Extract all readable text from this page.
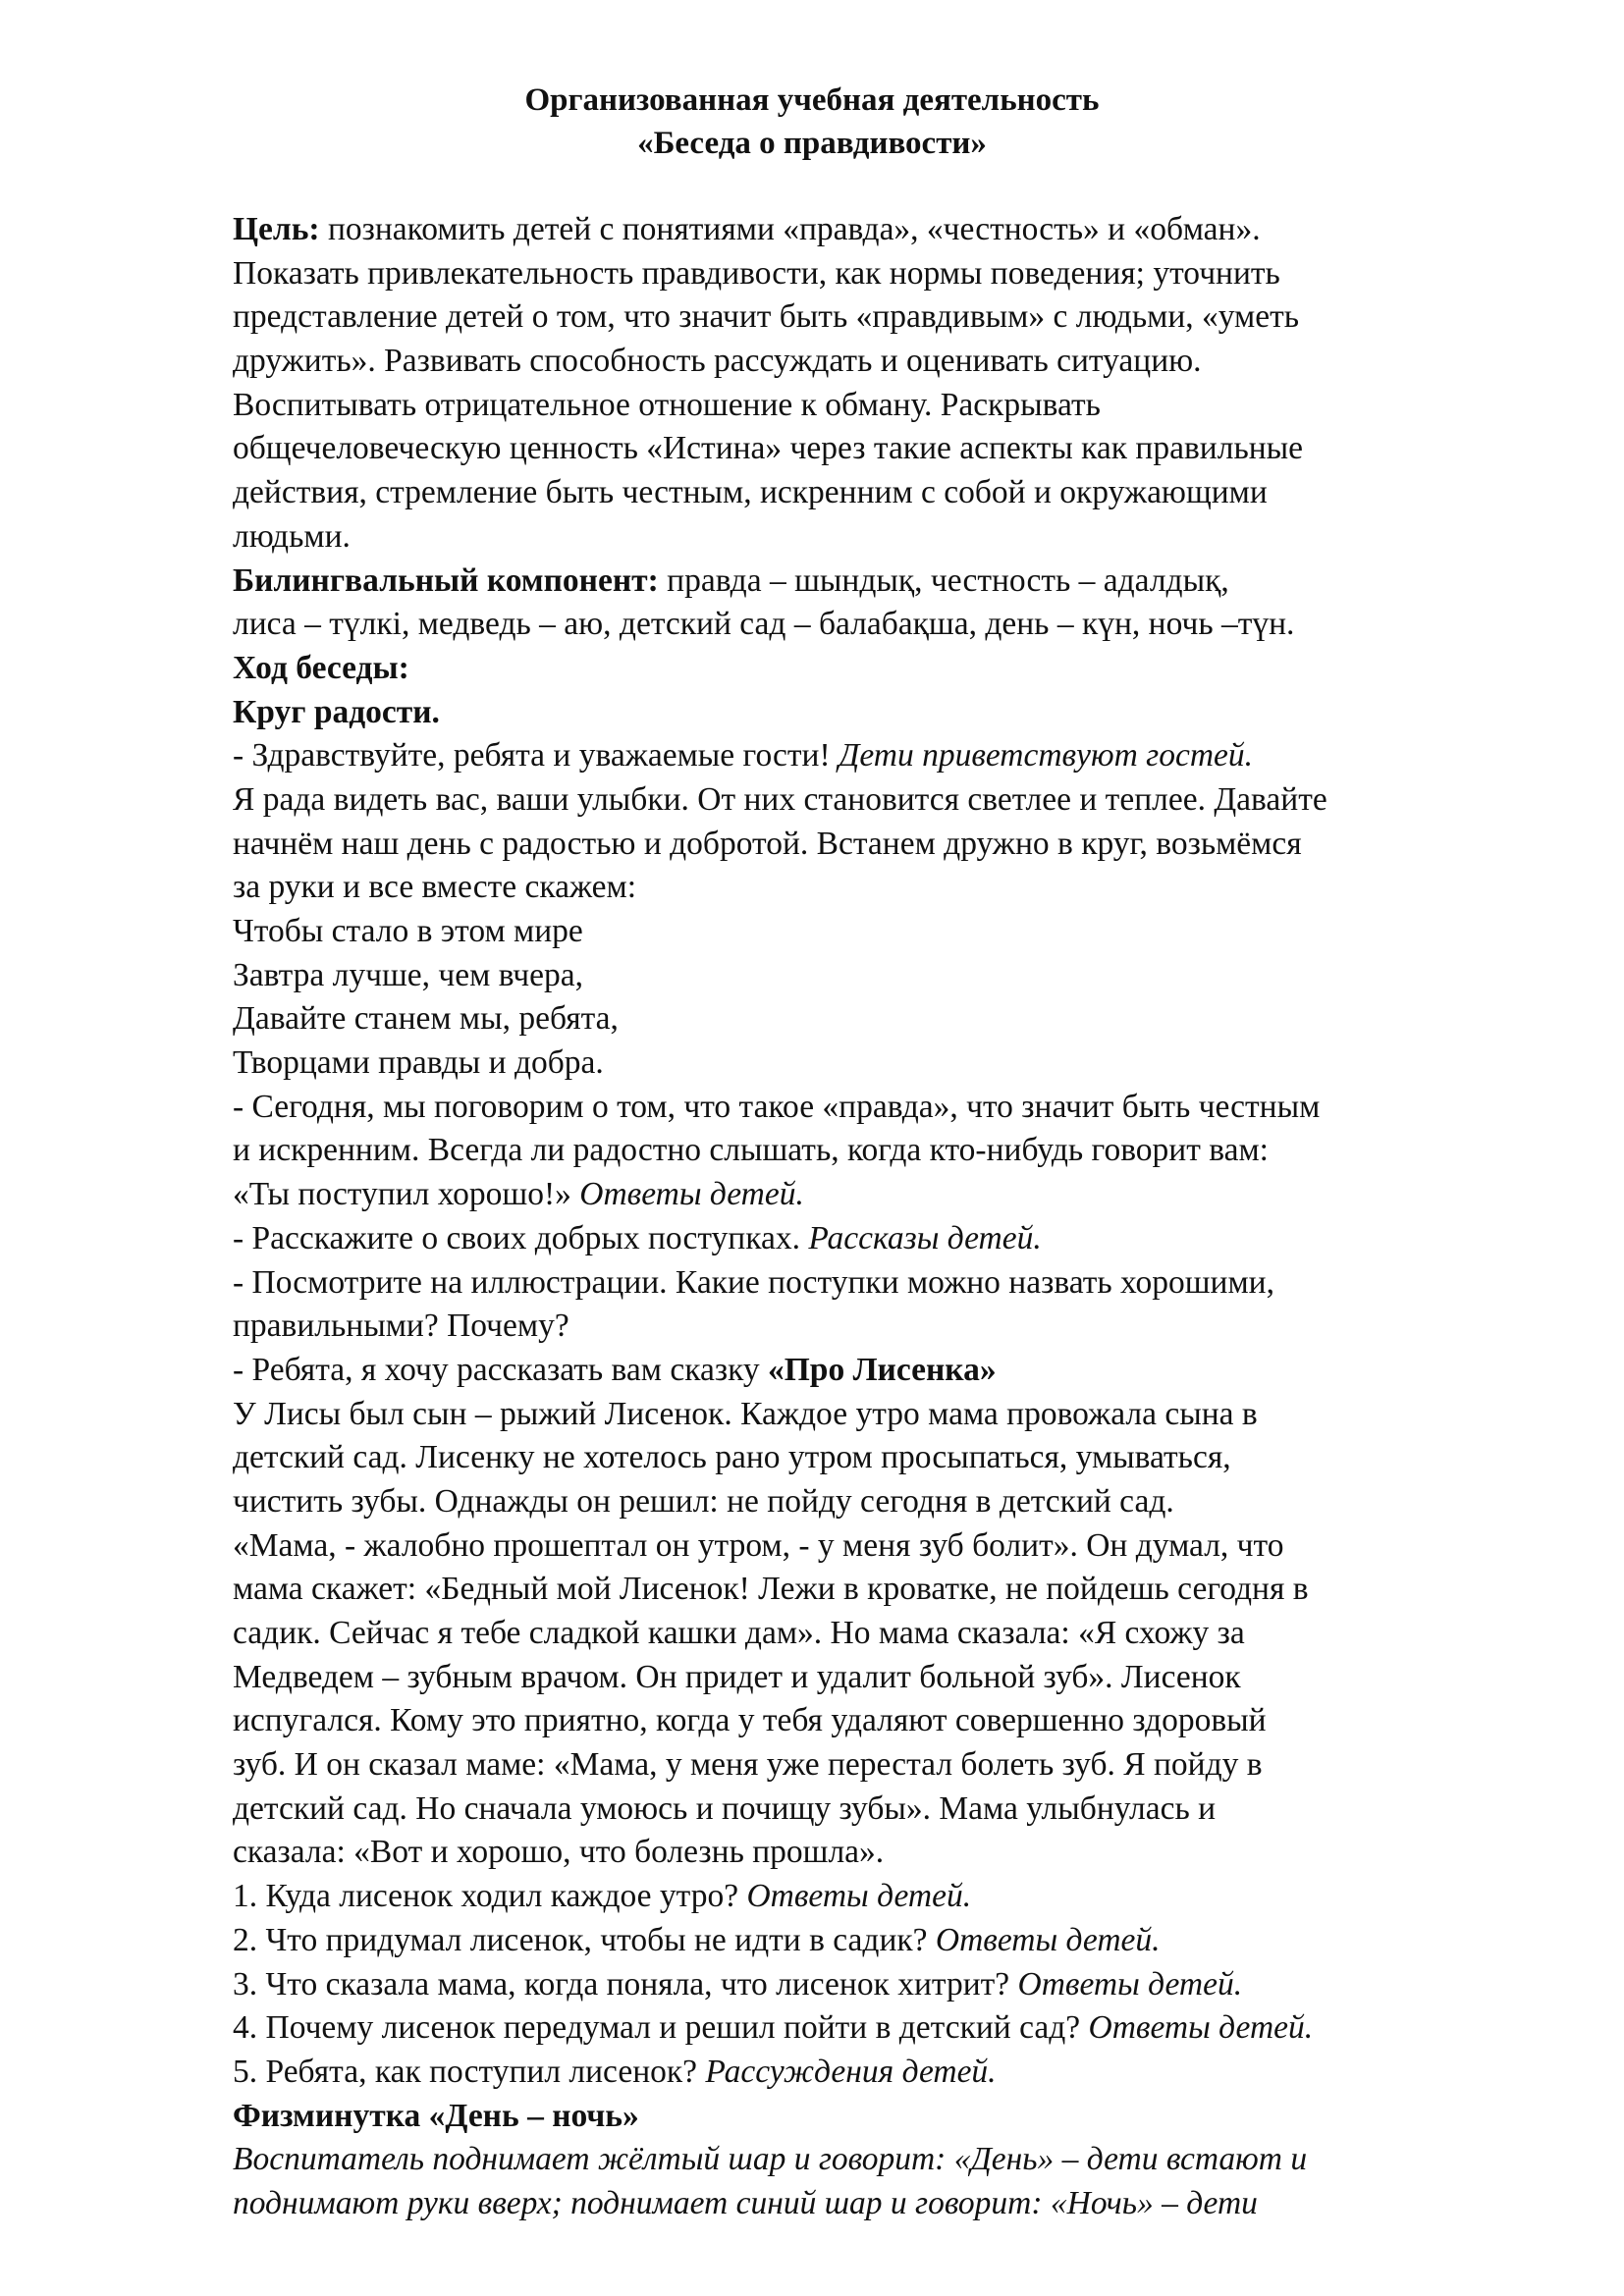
Организованная учебная деятельность
«Беседа о правдивости»
Цель: познакомить детей с понятиями «правда», «честность» и «обман».
Показать привлекательность правдивости, как нормы поведения; уточнить
представление детей о том, что значит быть «правдивым» с людьми, «уметь
дружить». Развивать способность рассуждать и оценивать ситуацию.
Воспитывать отрицательное отношение к обману. Раскрывать
общечеловеческую ценность «Истина» через такие аспекты как правильные
действия, стремление быть честным, искренним с собой и окружающими
людьми.
Билингвальный компонент: правда – шындық, честность – адалдық,
лиса – түлкі, медведь – аю, детский сад – балабақша, день – күн, ночь –түн.
Ход беседы:
Круг радости.
- Здравствуйте, ребята и уважаемые гости! Дети приветствуют гостей.
Я рада видеть вас, ваши улыбки. От них становится светлее и теплее. Давайте
начнём наш день с радостью и добротой. Встанем дружно в круг, возьмёмся
за руки и все вместе скажем:
Чтобы стало в этом мире
Завтра лучше, чем вчера,
Давайте станем мы, ребята,
Творцами правды и добра.
- Сегодня, мы поговорим о том, что такое «правда», что значит быть честным
и искренним. Всегда ли радостно слышать, когда кто-нибудь говорит вам:
«Ты поступил хорошо!» Ответы детей.
- Расскажите о своих добрых поступках. Рассказы детей.
- Посмотрите на иллюстрации. Какие поступки можно назвать хорошими,
правильными? Почему?
- Ребята, я хочу рассказать вам сказку «Про Лисенка»
У Лисы был сын – рыжий Лисенок. Каждое утро мама провожала сына в
детский сад. Лисенку не хотелось рано утром просыпаться, умываться,
чистить зубы. Однажды он решил: не пойду сегодня в детский сад.
«Мама, - жалобно прошептал он утром, - у меня зуб болит». Он думал, что
мама скажет: «Бедный мой Лисенок! Лежи в кроватке, не пойдешь сегодня в
садик. Сейчас я тебе сладкой кашки дам». Но мама сказала: «Я схожу за
Медведем – зубным врачом. Он придет и удалит больной зуб». Лисенок
испугался. Кому это приятно, когда у тебя удаляют совершенно здоровый
зуб. И он сказал маме: «Мама, у меня уже перестал болеть зуб. Я пойду в
детский сад. Но сначала умоюсь и почищу зубы». Мама улыбнулась и
сказала: «Вот и хорошо, что болезнь прошла».
1. Куда лисенок ходил каждое утро? Ответы детей.
2. Что придумал лисенок, чтобы не идти в садик? Ответы детей.
3. Что сказала мама, когда поняла, что лисенок хитрит? Ответы детей.
4. Почему лисенок передумал и решил пойти в детский сад? Ответы детей.
5. Ребята, как поступил лисенок? Рассуждения детей.
Физминутка «День – ночь»
Воспитатель поднимает жёлтый шар и говорит: «День» – дети встают и
поднимают руки вверх; поднимает синий шар и говорит: «Ночь» – дети
